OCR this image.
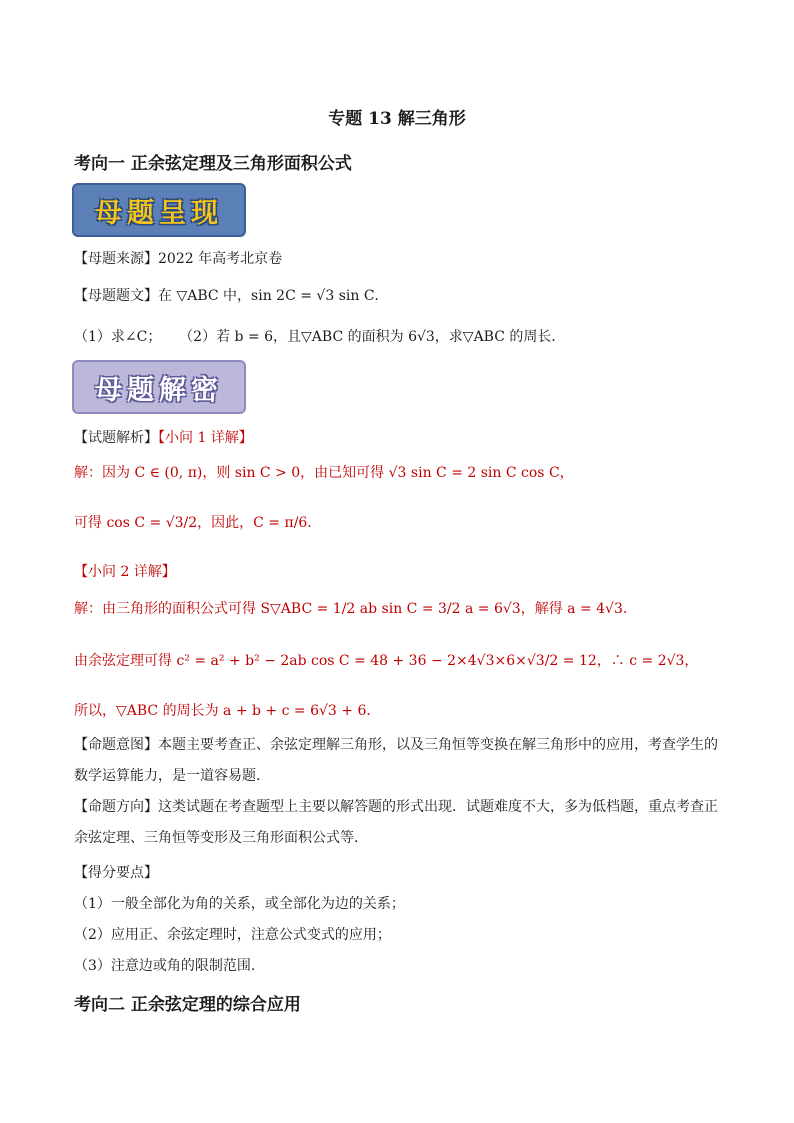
专题 13 解三角形
考向一 正余弦定理及三角形面积公式
母题呈现
【母题来源】2022 年高考北京卷
【母题题文】在 ▽ABC 中，sin 2C = √3 sin C．
（1）求∠C； （2）若 b = 6，且▽ABC 的面积为 6√3，求▽ABC 的周长．
母题解密
【试题解析】【小问 1 详解】
解：因为 C ∈ (0, π)，则 sin C > 0，由已知可得 √3 sin C = 2 sin C cos C，
可得 cos C = √3/2，因此，C = π/6．
【小问 2 详解】
解：由三角形的面积公式可得 S▽ABC = 1/2 ab sin C = 3/2 a = 6√3，解得 a = 4√3．
由余弦定理可得 c² = a² + b² − 2ab cos C = 48 + 36 − 2×4√3×6×√3/2 = 12，∴ c = 2√3，
所以，▽ABC 的周长为 a + b + c = 6√3 + 6．
【命题意图】本题主要考查正、余弦定理解三角形，以及三角恒等变换在解三角形中的应用，考查学生的数学运算能力，是一道容易题.
【命题方向】这类试题在考查题型上主要以解答题的形式出现．试题难度不大，多为低档题，重点考查正余弦定理、三角恒等变形及三角形面积公式等.
【得分要点】
（1）一般全部化为角的关系，或全部化为边的关系；
（2）应用正、余弦定理时，注意公式变式的应用；
（3）注意边或角的限制范围.
考向二 正余弦定理的综合应用
